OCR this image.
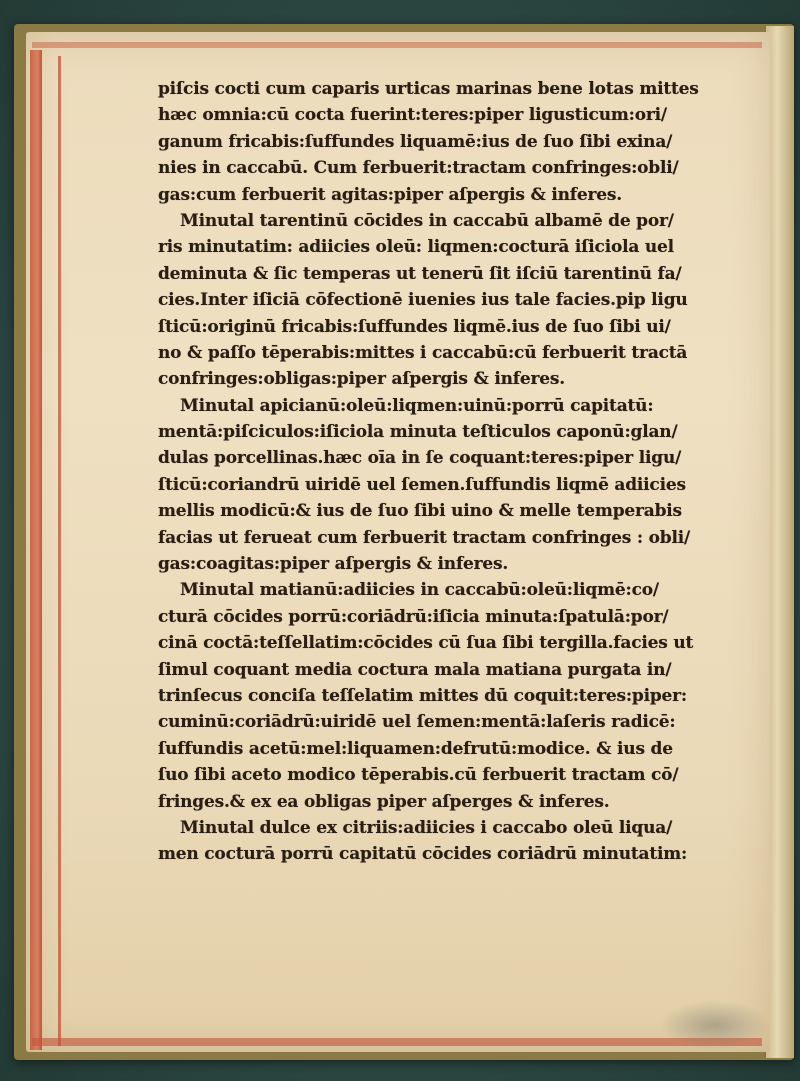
piſcis cocti cum caparis urticas marinas bene lotas mittes
hæc omnia:cū cocta fuerint:teres:piper ligusticum:ori/
ganum fricabis:ſuffundes liquamē:ius de ſuo ſibi exina/
nies in caccabū. Cum ferbuerit:tractam confringes:obli/
gas:cum ferbuerit agitas:piper aſpergis & inferes.
Minutal tarentinū cōcides in caccabū albamē de por/
ris minutatim: adiicies oleū: liqmen:cocturā iſiciola uel
deminuta & ſic temperas ut tenerū ſit iſciū tarentinū fa/
cies.Inter iſiciā cōfectionē iuenies ius tale facies.pip ligu
ſticū:originū fricabis:ſuffundes liqmē.ius de ſuo ſibi ui/
no & paſſo tēperabis:mittes i caccabū:cū ferbuerit tractā
confringes:obligas:piper aſpergis & inferes.
Minutal apicianū:oleū:liqmen:uinū:porrū capitatū:
mentā:piſciculos:iſiciola minuta teſticulos caponū:glan/
dulas porcellinas.hæc oīa in ſe coquant:teres:piper ligu/
ſticū:coriandrū uiridē uel ſemen.ſuffundis liqmē adiicies
mellis modicū:& ius de ſuo ſibi uino & melle temperabis
facias ut ferueat cum ferbuerit tractam confringes : obli/
gas:coagitas:piper aſpergis & inferes.
Minutal matianū:adiicies in caccabū:oleū:liqmē:co/
cturā cōcides porrū:coriādrū:iſicia minuta:ſpatulā:por/
cinā coctā:teſſellatim:cōcides cū ſua ſibi tergilla.facies ut
ſimul coquant media coctura mala matiana purgata in/
trinſecus conciſa teſſelatim mittes dū coquit:teres:piper:
cuminū:coriādrū:uiridē uel ſemen:mentā:laſeris radicē:
ſuffundis acetū:mel:liquamen:defrutū:modice. & ius de
ſuo ſibi aceto modico tēperabis.cū ferbuerit tractam cō/
fringes.& ex ea obligas piper aſperges & inferes.
Minutal dulce ex citriis:adiicies i caccabo oleū liqua/
men cocturā porrū capitatū cōcides coriādrū minutatim:
